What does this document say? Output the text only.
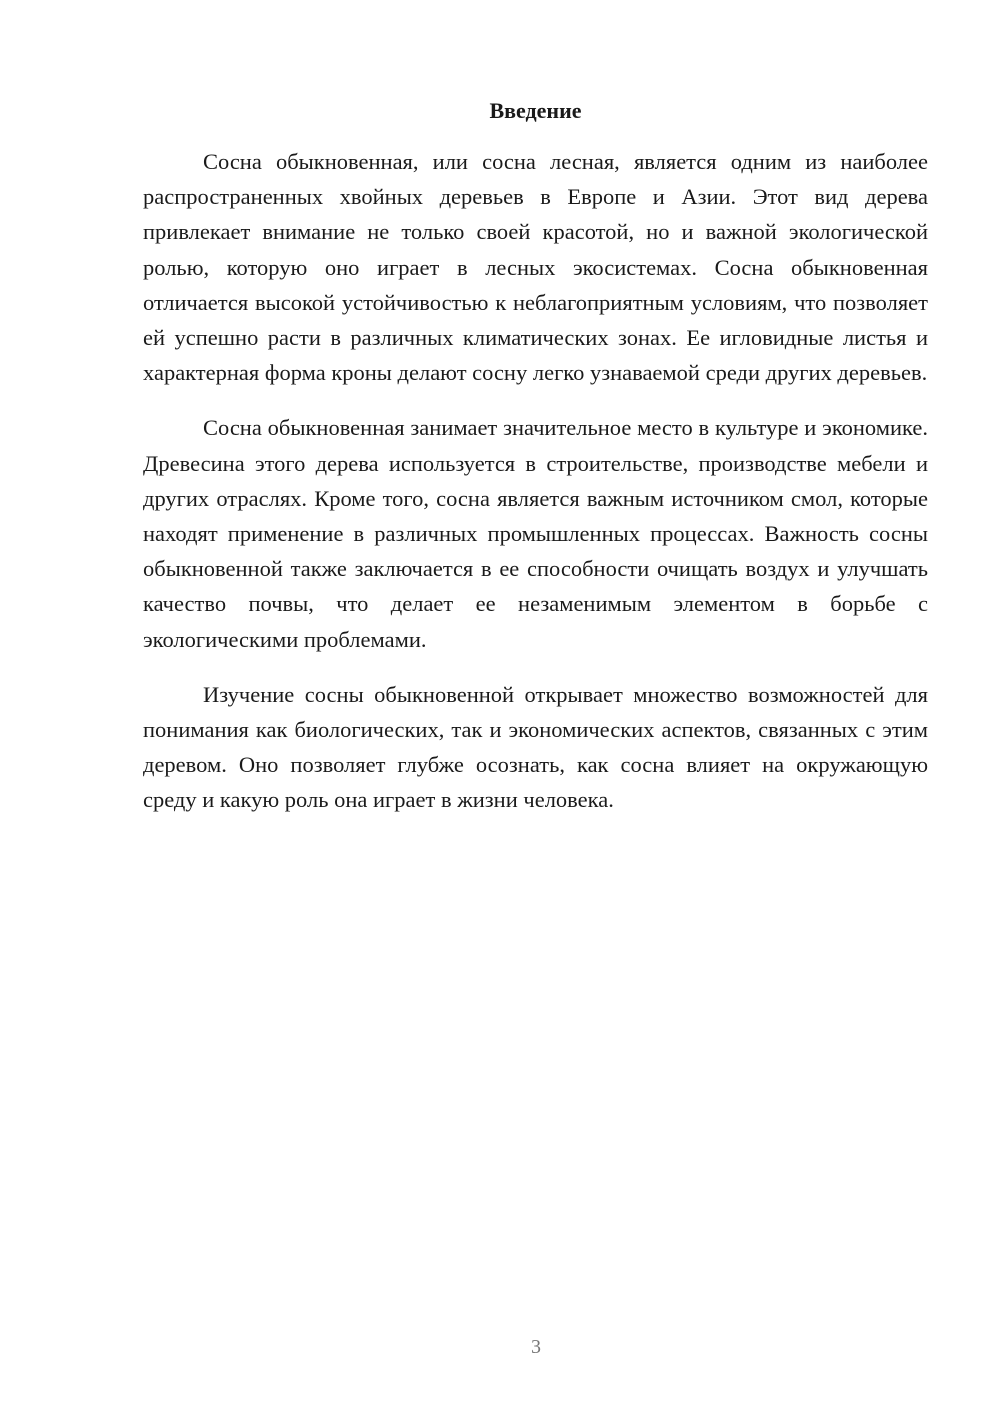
Введение

Сосна обыкновенная, или сосна лесная, является одним из наиболее распространенных хвойных деревьев в Европе и Азии. Этот вид дерева привлекает внимание не только своей красотой, но и важной экологической ролью, которую оно играет в лесных экосистемах. Сосна обыкновенная отличается высокой устойчивостью к неблагоприятным условиям, что позволяет ей успешно расти в различных климатических зонах. Ее игловидные листья и характерная форма кроны делают сосну легко узнаваемой среди других деревьев.

Сосна обыкновенная занимает значительное место в культуре и экономике. Древесина этого дерева используется в строительстве, производстве мебели и других отраслях. Кроме того, сосна является важным источником смол, которые находят применение в различных промышленных процессах. Важность сосны обыкновенной также заключается в ее способности очищать воздух и улучшать качество почвы, что делает ее незаменимым элементом в борьбе с экологическими проблемами.

Изучение сосны обыкновенной открывает множество возможностей для понимания как биологических, так и экономических аспектов, связанных с этим деревом. Оно позволяет глубже осознать, как сосна влияет на окружающую среду и какую роль она играет в жизни человека.

3
